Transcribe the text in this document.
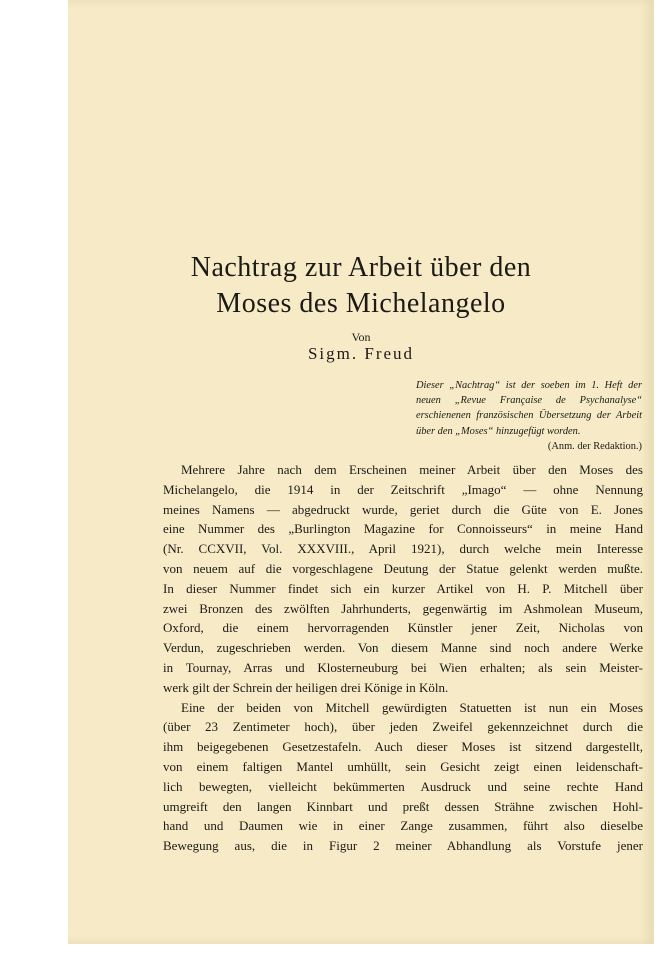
Nachtrag zur Arbeit über den
Moses des Michelangelo
Von
Sigm. Freud
Dieser „Nachtrag“ ist der soeben im 1. Heft der neuen „Revue Française de Psychanalyse“ erschienenen französischen Übersetzung der Arbeit über den „Moses“ hinzugefügt worden.
(Anm. der Redaktion.)
Mehrere Jahre nach dem Erscheinen meiner Arbeit über den Moses des
Michelangelo, die 1914 in der Zeitschrift „Imago“ — ohne Nennung
meines Namens — abgedruckt wurde, geriet durch die Güte von E. Jones
eine Nummer des „Burlington Magazine for Connoisseurs“ in meine Hand
(Nr. CCXVII, Vol. XXXVIII., April 1921), durch welche mein Interesse
von neuem auf die vorgeschlagene Deutung der Statue gelenkt werden mußte.
In dieser Nummer findet sich ein kurzer Artikel von H. P. Mitchell über
zwei Bronzen des zwölften Jahrhunderts, gegenwärtig im Ashmolean Museum,
Oxford, die einem hervorragenden Künstler jener Zeit, Nicholas von
Verdun, zugeschrieben werden. Von diesem Manne sind noch andere Werke
in Tournay, Arras und Klosterneuburg bei Wien erhalten; als sein Meister-
werk gilt der Schrein der heiligen drei Könige in Köln.
Eine der beiden von Mitchell gewürdigten Statuetten ist nun ein Moses
(über 23 Zentimeter hoch), über jeden Zweifel gekennzeichnet durch die
ihm beigegebenen Gesetzestafeln. Auch dieser Moses ist sitzend dargestellt,
von einem faltigen Mantel umhüllt, sein Gesicht zeigt einen leidenschaft-
lich bewegten, vielleicht bekümmerten Ausdruck und seine rechte Hand
umgreift den langen Kinnbart und preßt dessen Strähne zwischen Hohl-
hand und Daumen wie in einer Zange zusammen, führt also dieselbe
Bewegung aus, die in Figur 2 meiner Abhandlung als Vorstufe jener
